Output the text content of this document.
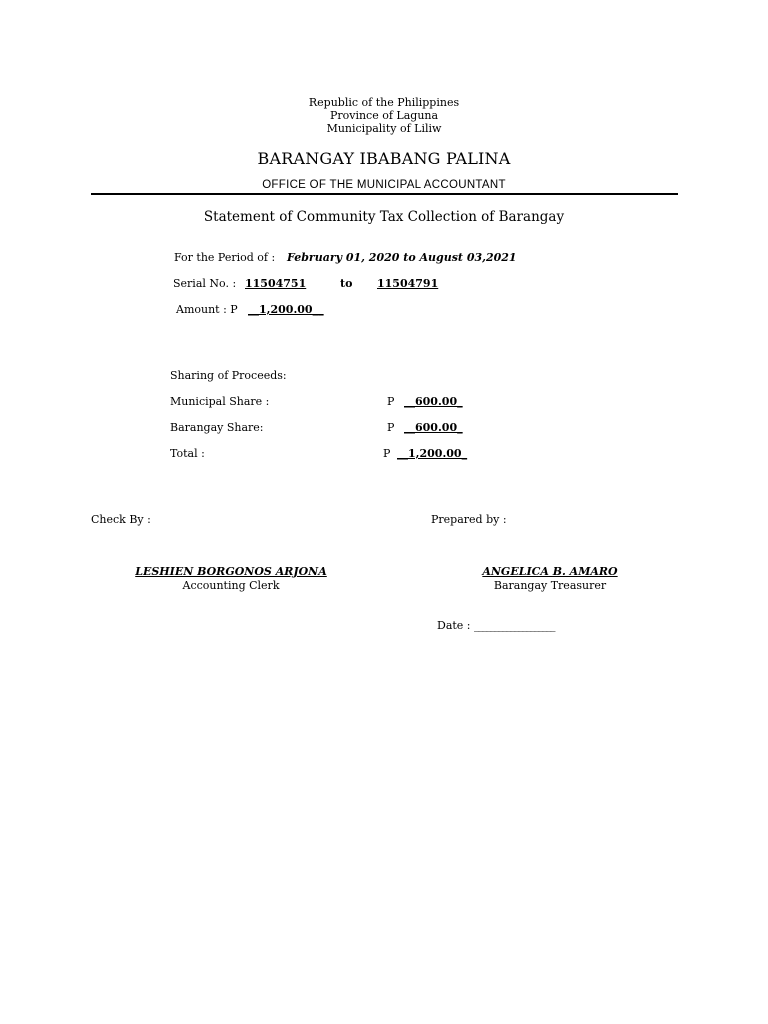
Republic of the Philippines
Province of Laguna
Municipality of Liliw
BARANGAY IBABANG PALINA
OFFICE OF THE MUNICIPAL ACCOUNTANT
Statement of Community Tax Collection of Barangay
For the Period of : February 01, 2020 to August 03,2021
Serial No. : 11504751	to 11504791
Amount : P __1,200.00__
Sharing of Proceeds:
Municipal Share :	P __600.00_
Barangay Share:	P __600.00_
Total :	P __1,200.00_
Check By :	Prepared by :
LESHIEN BORGONOS ARJONA
Accounting Clerk
ANGELICA B. AMARO
Barangay Treasurer
Date : ____________________
